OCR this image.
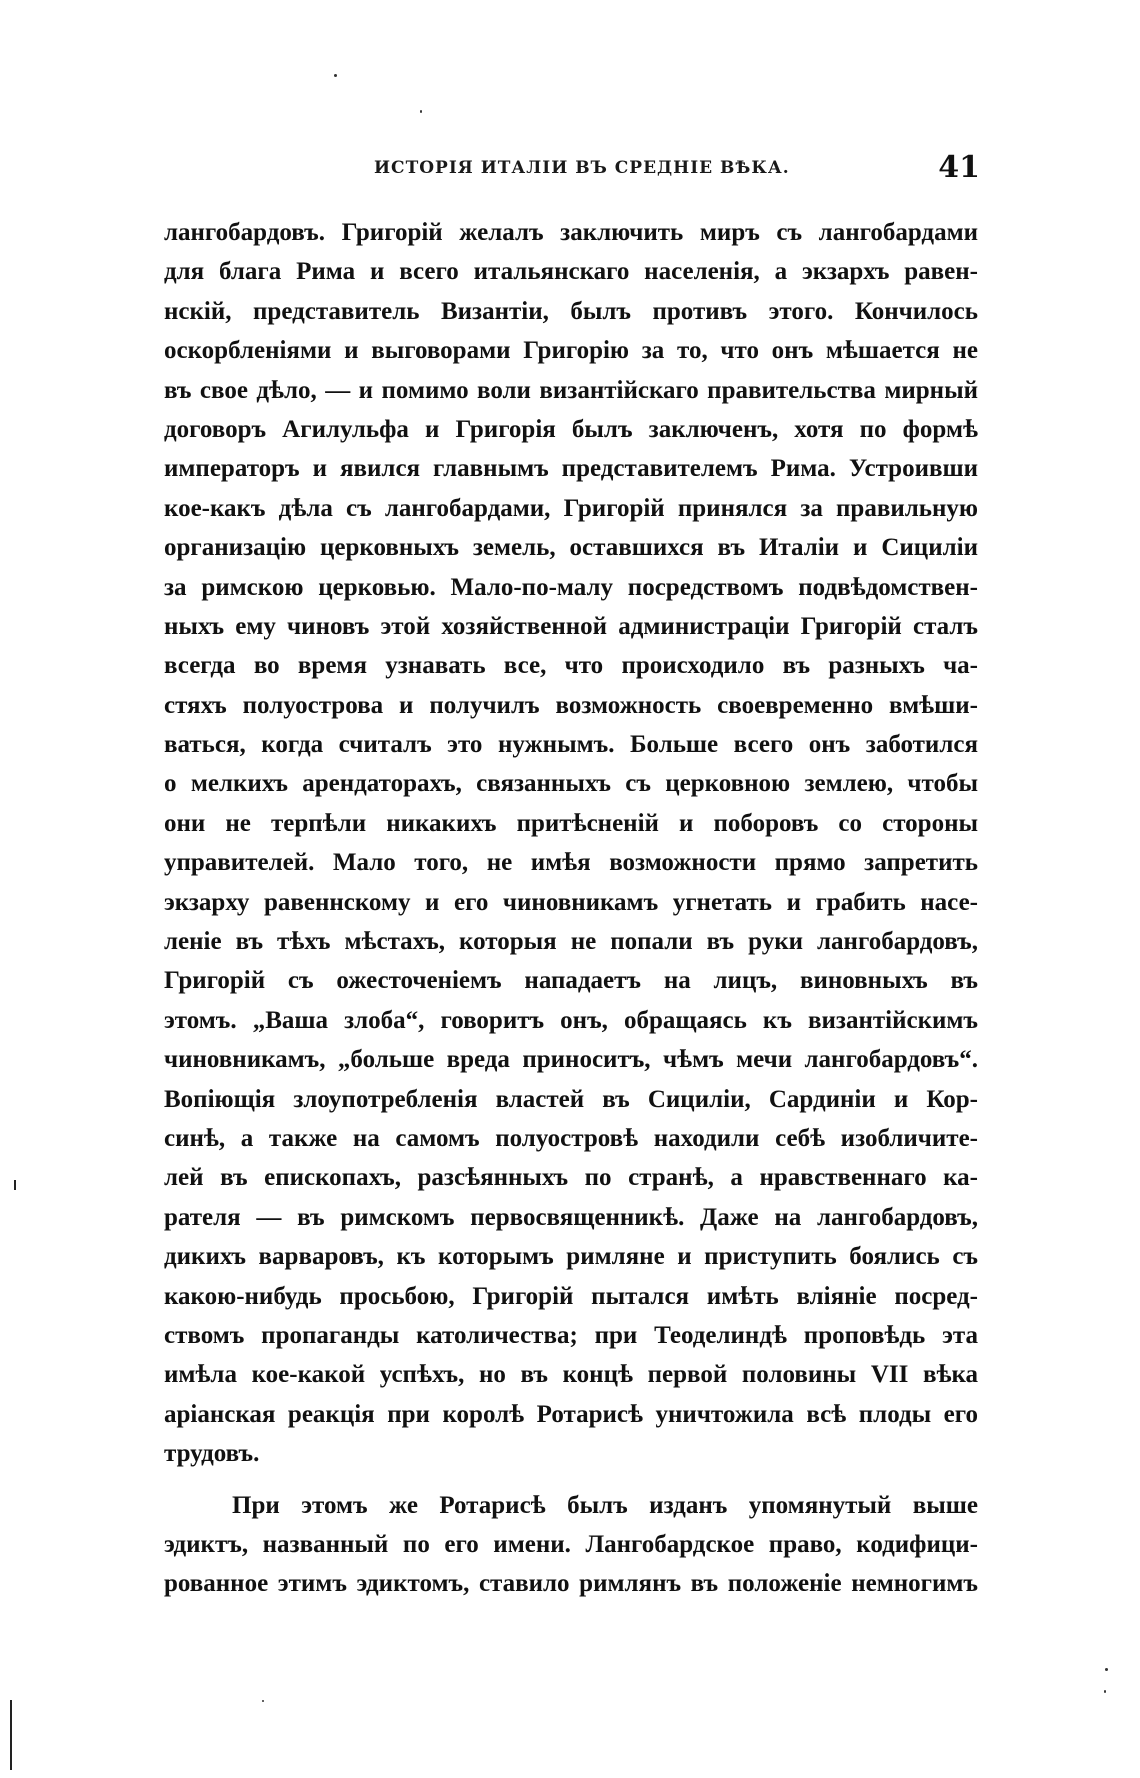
ИСТОРІЯ ИТАЛІИ ВЪ СРЕДНІЕ ВѢКА.	41
лангобардовъ. Григорій желалъ заключить миръ съ лангобардами
для блага Рима и всего итальянскаго населенія, а экзархъ равен-
нскій, представитель Византіи, былъ противъ этого. Кончилось
оскорбленіями и выговорами Григорію за то, что онъ мѣшается не
въ свое дѣло, — и помимо воли византійскаго правительства мирный
договоръ Агилульфа и Григорія былъ заключенъ, хотя по формѣ
императоръ и явился главнымъ представителемъ Рима. Устроивши
кое-какъ дѣла съ лангобардами, Григорій принялся за правильную
организацію церковныхъ земель, оставшихся въ Италіи и Сициліи
за римскою церковью. Мало-по-малу посредствомъ подвѣдомствен-
ныхъ ему чиновъ этой хозяйственной администраціи Григорій сталъ
всегда во время узнавать все, что происходило въ разныхъ ча-
стяхъ полуострова и получилъ возможность своевременно вмѣши-
ваться, когда считалъ это нужнымъ. Больше всего онъ заботился
о мелкихъ арендаторахъ, связанныхъ съ церковною землею, чтобы
они не терпѣли никакихъ притѣсненій и поборовъ со стороны
управителей. Мало того, не имѣя возможности прямо запретить
экзарху равеннскому и его чиновникамъ угнетать и грабить насе-
леніе въ тѣхъ мѣстахъ, которыя не попали въ руки лангобардовъ,
Григорій съ ожесточеніемъ нападаетъ на лицъ, виновныхъ въ
этомъ. „Ваша злоба“, говоритъ онъ, обращаясь къ византійскимъ
чиновникамъ, „больше вреда приноситъ, чѣмъ мечи лангобардовъ“.
Вопіющія злоупотребленія властей въ Сициліи, Сардиніи и Кор-
синѣ, а также на самомъ полуостровѣ находили себѣ изобличите-
лей въ епископахъ, разсѣянныхъ по странѣ, а нравственнаго ка-
рателя — въ римскомъ первосвященникѣ. Даже на лангобардовъ,
дикихъ варваровъ, къ которымъ римляне и приступить боялись съ
какою-нибудь просьбою, Григорій пытался имѣть вліяніе посред-
ствомъ пропаганды католичества; при Теоделиндѣ проповѣдь эта
имѣла кое-какой успѣхъ, но въ концѣ первой половины VII вѣка
аріанская реакція при королѣ Ротарисѣ уничтожила всѣ плоды его
трудовъ.
При этомъ же Ротарисѣ былъ изданъ упомянутый выше
эдиктъ, названный по его имени. Лангобардское право, кодифици-
рованное этимъ эдиктомъ, ставило римлянъ въ положеніе немногимъ
